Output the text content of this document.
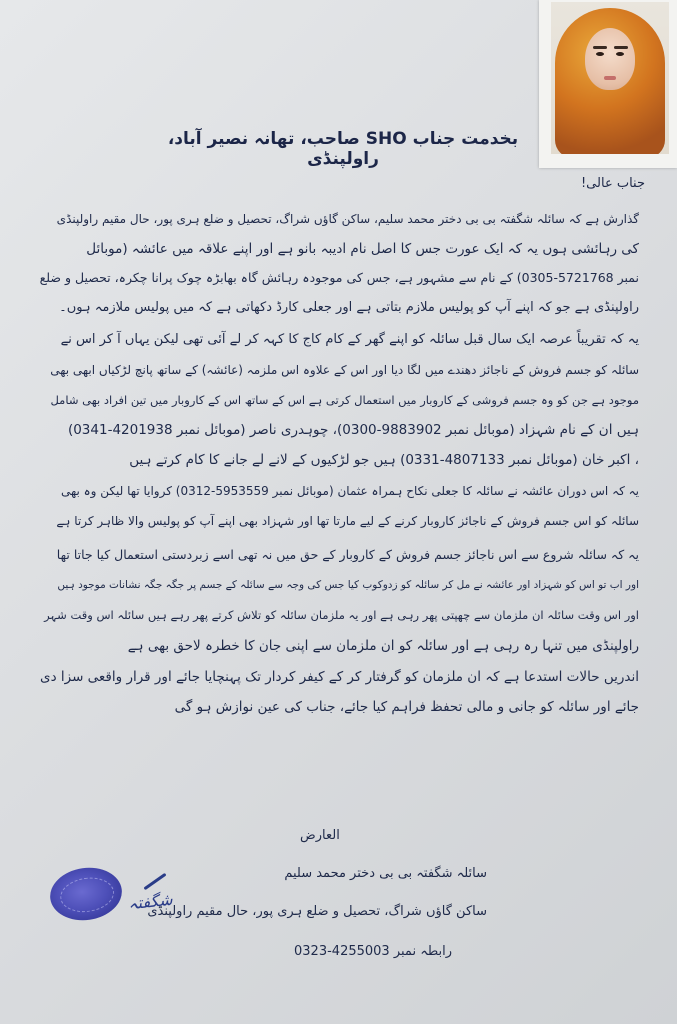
بخدمت جناب SHO صاحب، تھانہ نصیر آباد، راولپنڈی
جناب عالی!
گذارش ہے کہ سائلہ شگفتہ بی بی دختر محمد سلیم، ساکن گاؤں شراگ، تحصیل و ضلع ہری پور، حال مقیم راولپنڈی
کی رہائشی ہوں یہ کہ ایک عورت جس کا اصل نام ادیبہ بانو ہے اور اپنے علاقہ میں عائشہ (موبائل
نمبر 5721768-0305) کے نام سے مشہور ہے، جس کی موجودہ رہائش گاہ بھابڑہ چوک پرانا چکرہ، تحصیل و ضلع
راولپنڈی ہے جو کہ اپنے آپ کو پولیس ملازم بتاتی ہے اور جعلی کارڈ دکھاتی ہے کہ میں پولیس ملازمہ ہوں۔
یہ کہ تقریباً عرصہ ایک سال قبل سائلہ کو اپنے گھر کے کام کاج کا کہہ کر لے آئی تھی لیکن یہاں آ کر اس نے
سائلہ کو جسم فروش کے ناجائز دھندے میں لگا دیا اور اس کے علاوہ اس ملزمہ (عائشہ) کے ساتھ پانچ لڑکیاں ابھی بھی
موجود ہے جن کو وہ جسم فروشی کے کاروبار میں استعمال کرتی ہے اس کے ساتھ اس کے کاروبار میں تین افراد بھی شامل
ہیں ان کے نام شہزاد (موبائل نمبر 9883902-0300)، چوہدری ناصر (موبائل نمبر 4201938-0341)
، اکبر خان (موبائل نمبر 4807133-0331) ہیں جو لڑکیوں کے لانے لے جانے کا کام کرتے ہیں
یہ کہ اس دوران عائشہ نے سائلہ کا جعلی نکاح ہمراہ عثمان (موبائل نمبر 5953559-0312) کروایا تھا لیکن وہ بھی
سائلہ کو اس جسم فروش کے ناجائز کاروبار کرنے کے لیے مارتا تھا اور شہزاد بھی اپنے آپ کو پولیس والا ظاہر کرتا ہے
یہ کہ سائلہ شروع سے اس ناجائز جسم فروش کے کاروبار کے حق میں نہ تھی اسے زبردستی استعمال کیا جاتا تھا
اور اب تو اس کو شہزاد اور عائشہ نے مل کر سائلہ کو زدوکوب کیا جس کی وجہ سے سائلہ کے جسم پر جگہ جگہ نشانات موجود ہیں
اور اس وقت سائلہ ان ملزمان سے چھپتی پھر رہی ہے اور یہ ملزمان سائلہ کو تلاش کرتے پھر رہے ہیں سائلہ اس وقت شہر
راولپنڈی میں تنہا رہ رہی ہے اور سائلہ کو ان ملزمان سے اپنی جان کا خطرہ لاحق بھی ہے
اندریں حالات استدعا ہے کہ ان ملزمان کو گرفتار کر کے کیفر کردار تک پہنچایا جائے اور قرار واقعی سزا دی
جائے اور سائلہ کو جانی و مالی تحفظ فراہم کیا جائے، جناب کی عین نوازش ہو گی
العارض
سائلہ شگفتہ بی بی دختر محمد سلیم
ساکن گاؤں شراگ، تحصیل و ضلع ہری پور، حال مقیم راولپنڈی
رابطہ نمبر 4255003-0323
شگفتہ
